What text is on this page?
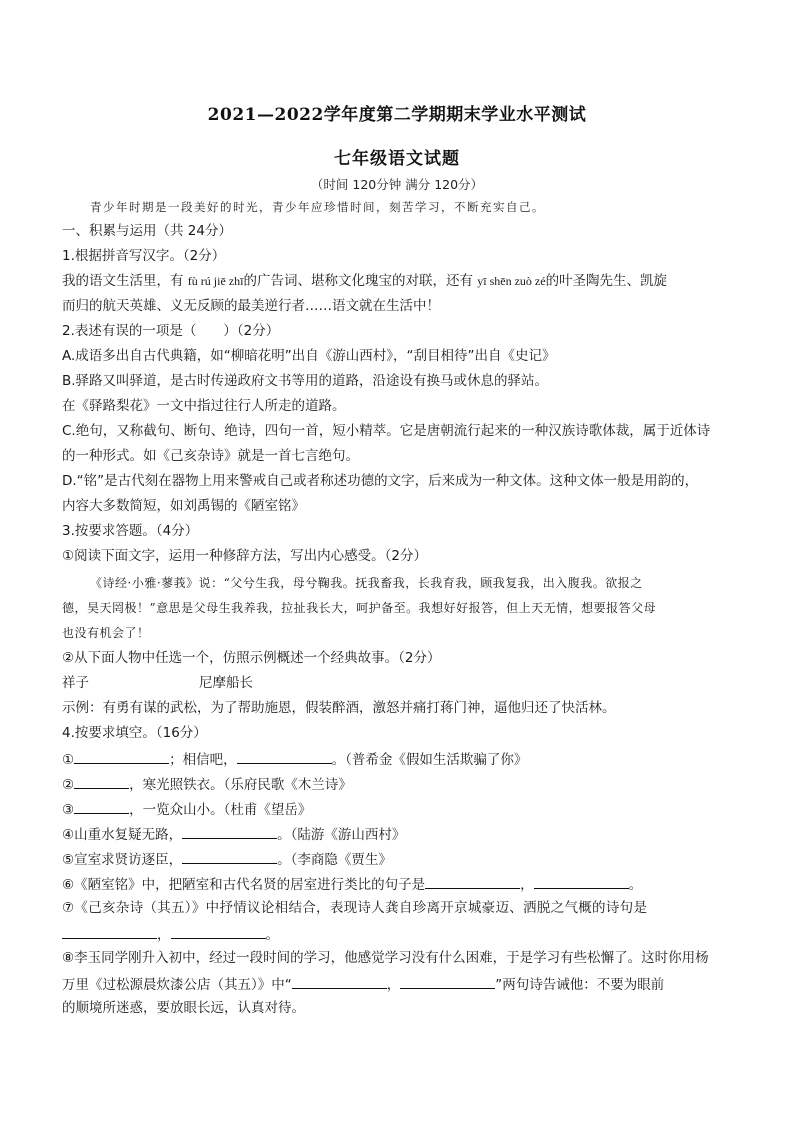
2021—2022学年度第二学期期末学业水平测试
七年级语文试题
（时间 120分钟 满分 120分）
青少年时期是一段美好的时光，青少年应珍惜时间，刻苦学习，不断充实自己。
一、积累与运用（共 24分）
1.根据拼音写汉字。（2分）
我的语文生活里，有 fù rú jiē zhī的广告词、堪称文化瑰宝的对联，还有 yī shēn zuò zé的叶圣陶先生、凯旋
而归的航天英雄、义无反顾的最美逆行者……语文就在生活中！
2.表述有误的一项是（　　）（2分）
A.成语多出自古代典籍，如“柳暗花明”出自《游山西村》，“刮目相待”出自《史记》
B.驿路又叫驿道，是古时传递政府文书等用的道路，沿途设有换马或休息的驿站。
在《驿路梨花》一文中指过往行人所走的道路。
C.绝句，又称截句、断句、绝诗，四句一首，短小精萃。它是唐朝流行起来的一种汉族诗歌体裁，属于近体诗
的一种形式。如《己亥杂诗》就是一首七言绝句。
D.“铭”是古代刻在器物上用来警戒自己或者称述功德的文字，后来成为一种文体。这种文体一般是用韵的，
内容大多数简短，如刘禹锡的《陋室铭》
3.按要求答题。（4分）
①阅读下面文字，运用一种修辞方法，写出内心感受。（2分）
《诗经·小雅·蓼莪》说：“父兮生我，母兮鞠我。抚我畜我，长我育我，顾我复我，出入腹我。欲报之
德，昊天罔极！”意思是父母生我养我，拉扯我长大，呵护备至。我想好好报答，但上天无情，想要报答父母
也没有机会了！
②从下面人物中任选一个，仿照示例概述一个经典故事。（2分）
祥子	尼摩船长
示例：有勇有谋的武松，为了帮助施恩，假装醉酒，激怒并痛打蒋门神，逼他归还了快活林。
4.按要求填空。（16分）
①	；相信吧，	。（普希金《假如生活欺骗了你》
②	，寒光照铁衣。（乐府民歌《木兰诗》
③	，一览众山小。（杜甫《望岳》
④山重水复疑无路，	。（陆游《游山西村》
⑤宣室求贤访逐臣，	。（李商隐《贾生》
⑥《陋室铭》中，把陋室和古代名贤的居室进行类比的句子是	，	。
⑦《己亥杂诗（其五）》中抒情议论相结合，表现诗人龚自珍离开京城豪迈、洒脱之气概的诗句是
，	。
⑧李玉同学刚升入初中，经过一段时间的学习，他感觉学习没有什么困难，于是学习有些松懈了。这时你用杨
万里《过松源晨炊漆公店（其五）》中“	，	”两句诗告诫他：不要为眼前
的顺境所迷惑，要放眼长远，认真对待。
